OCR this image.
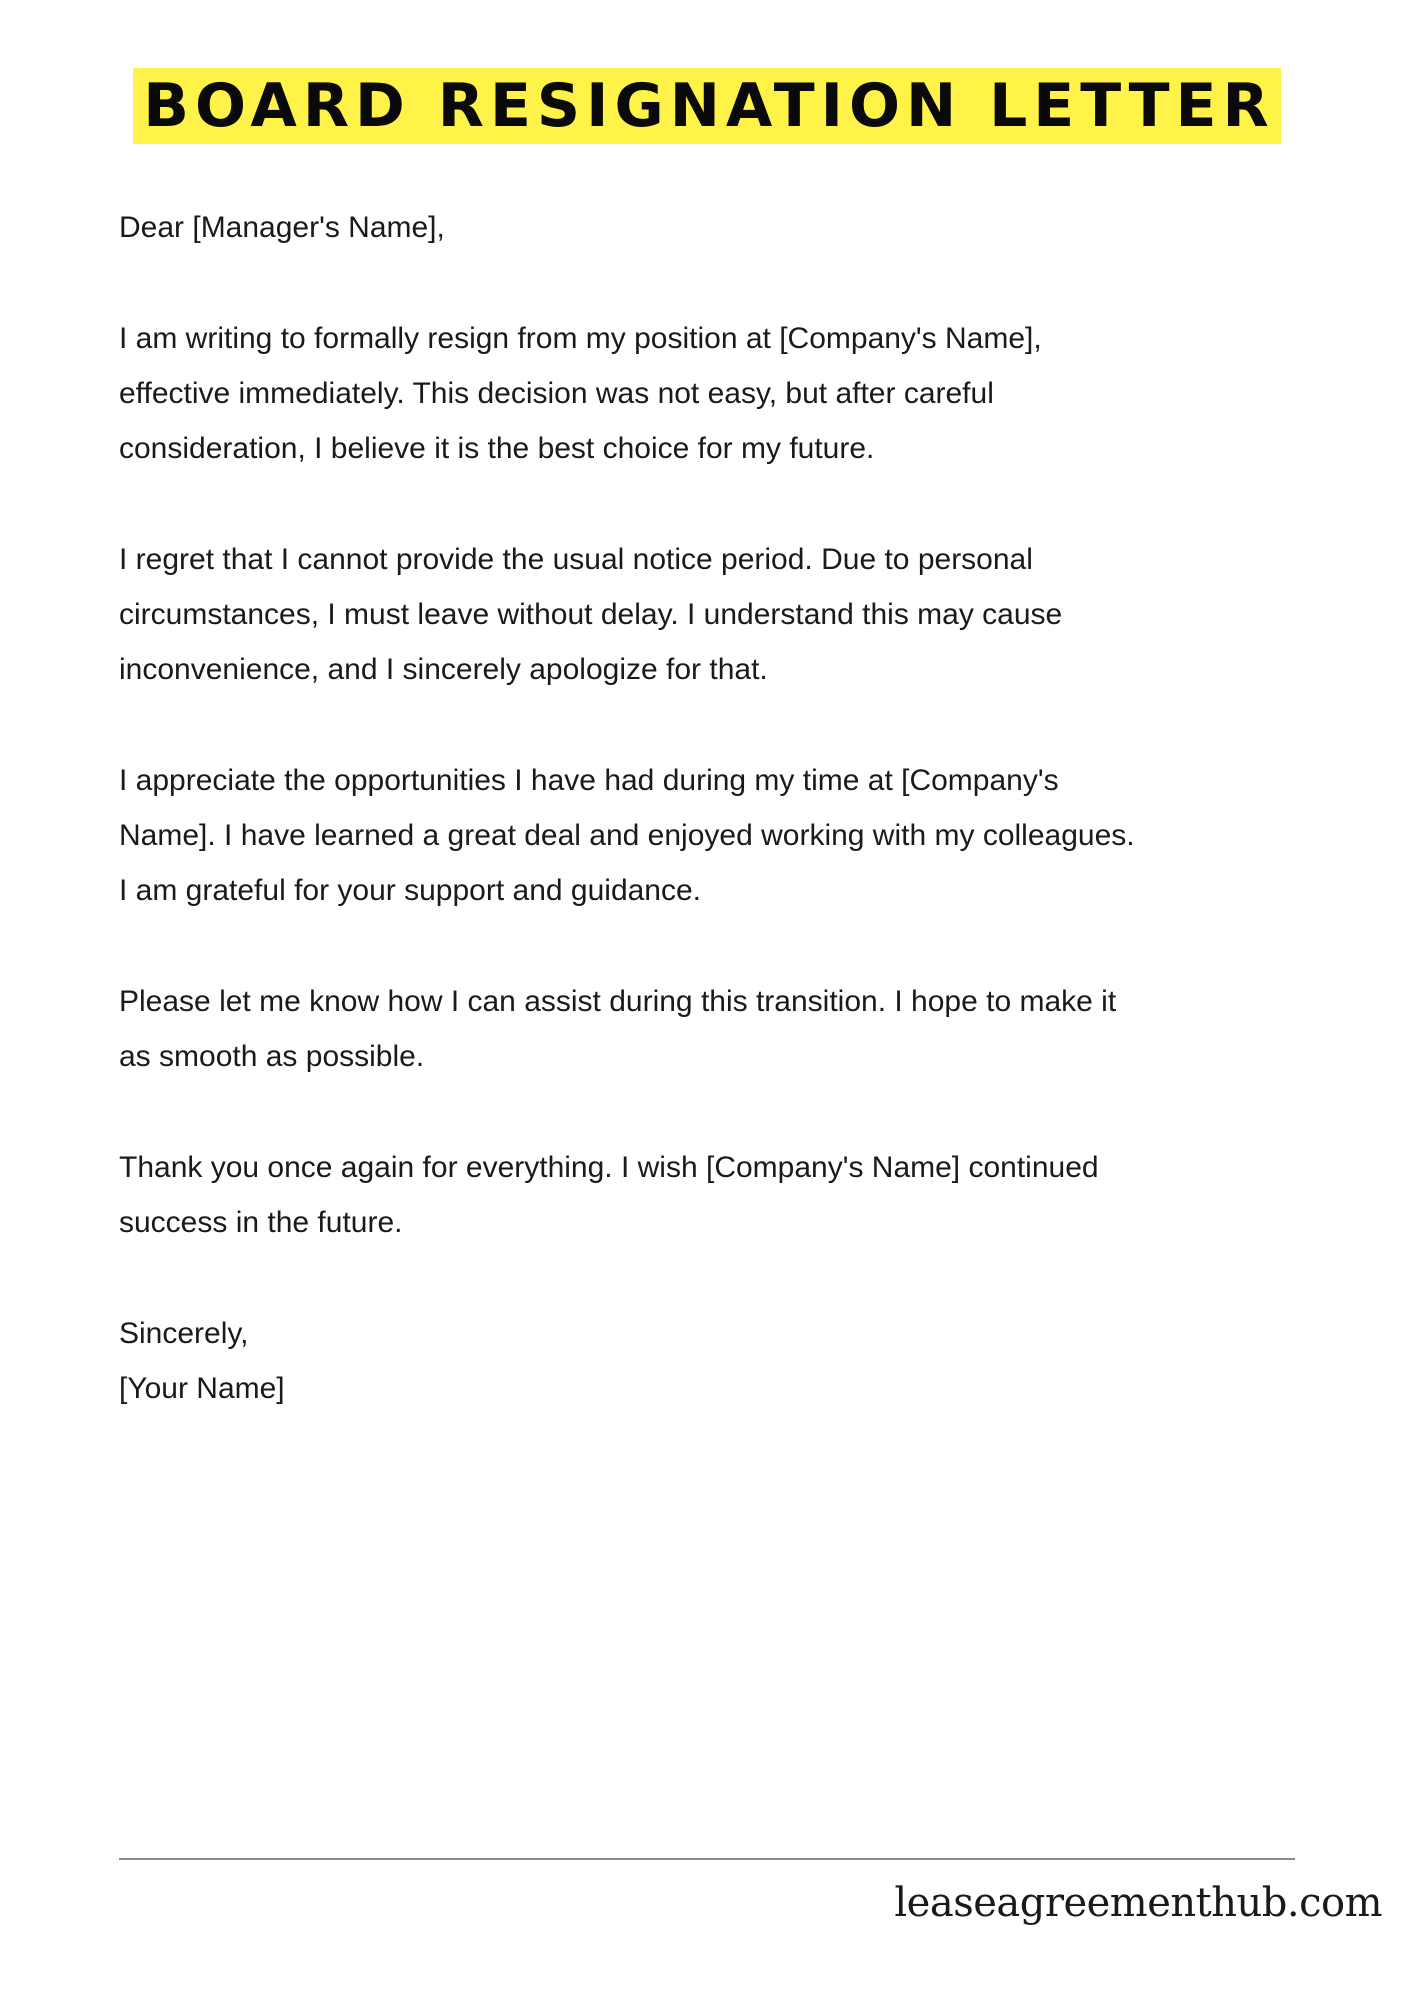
BOARD RESIGNATION LETTER

Dear [Manager's Name],

I am writing to formally resign from my position at [Company's Name],
effective immediately. This decision was not easy, but after careful
consideration, I believe it is the best choice for my future.

I regret that I cannot provide the usual notice period. Due to personal
circumstances, I must leave without delay. I understand this may cause
inconvenience, and I sincerely apologize for that.

I appreciate the opportunities I have had during my time at [Company's
Name]. I have learned a great deal and enjoyed working with my colleagues.
I am grateful for your support and guidance.

Please let me know how I can assist during this transition. I hope to make it
as smooth as possible.

Thank you once again for everything. I wish [Company's Name] continued
success in the future.

Sincerely,
[Your Name]
leaseagreementhub.com
